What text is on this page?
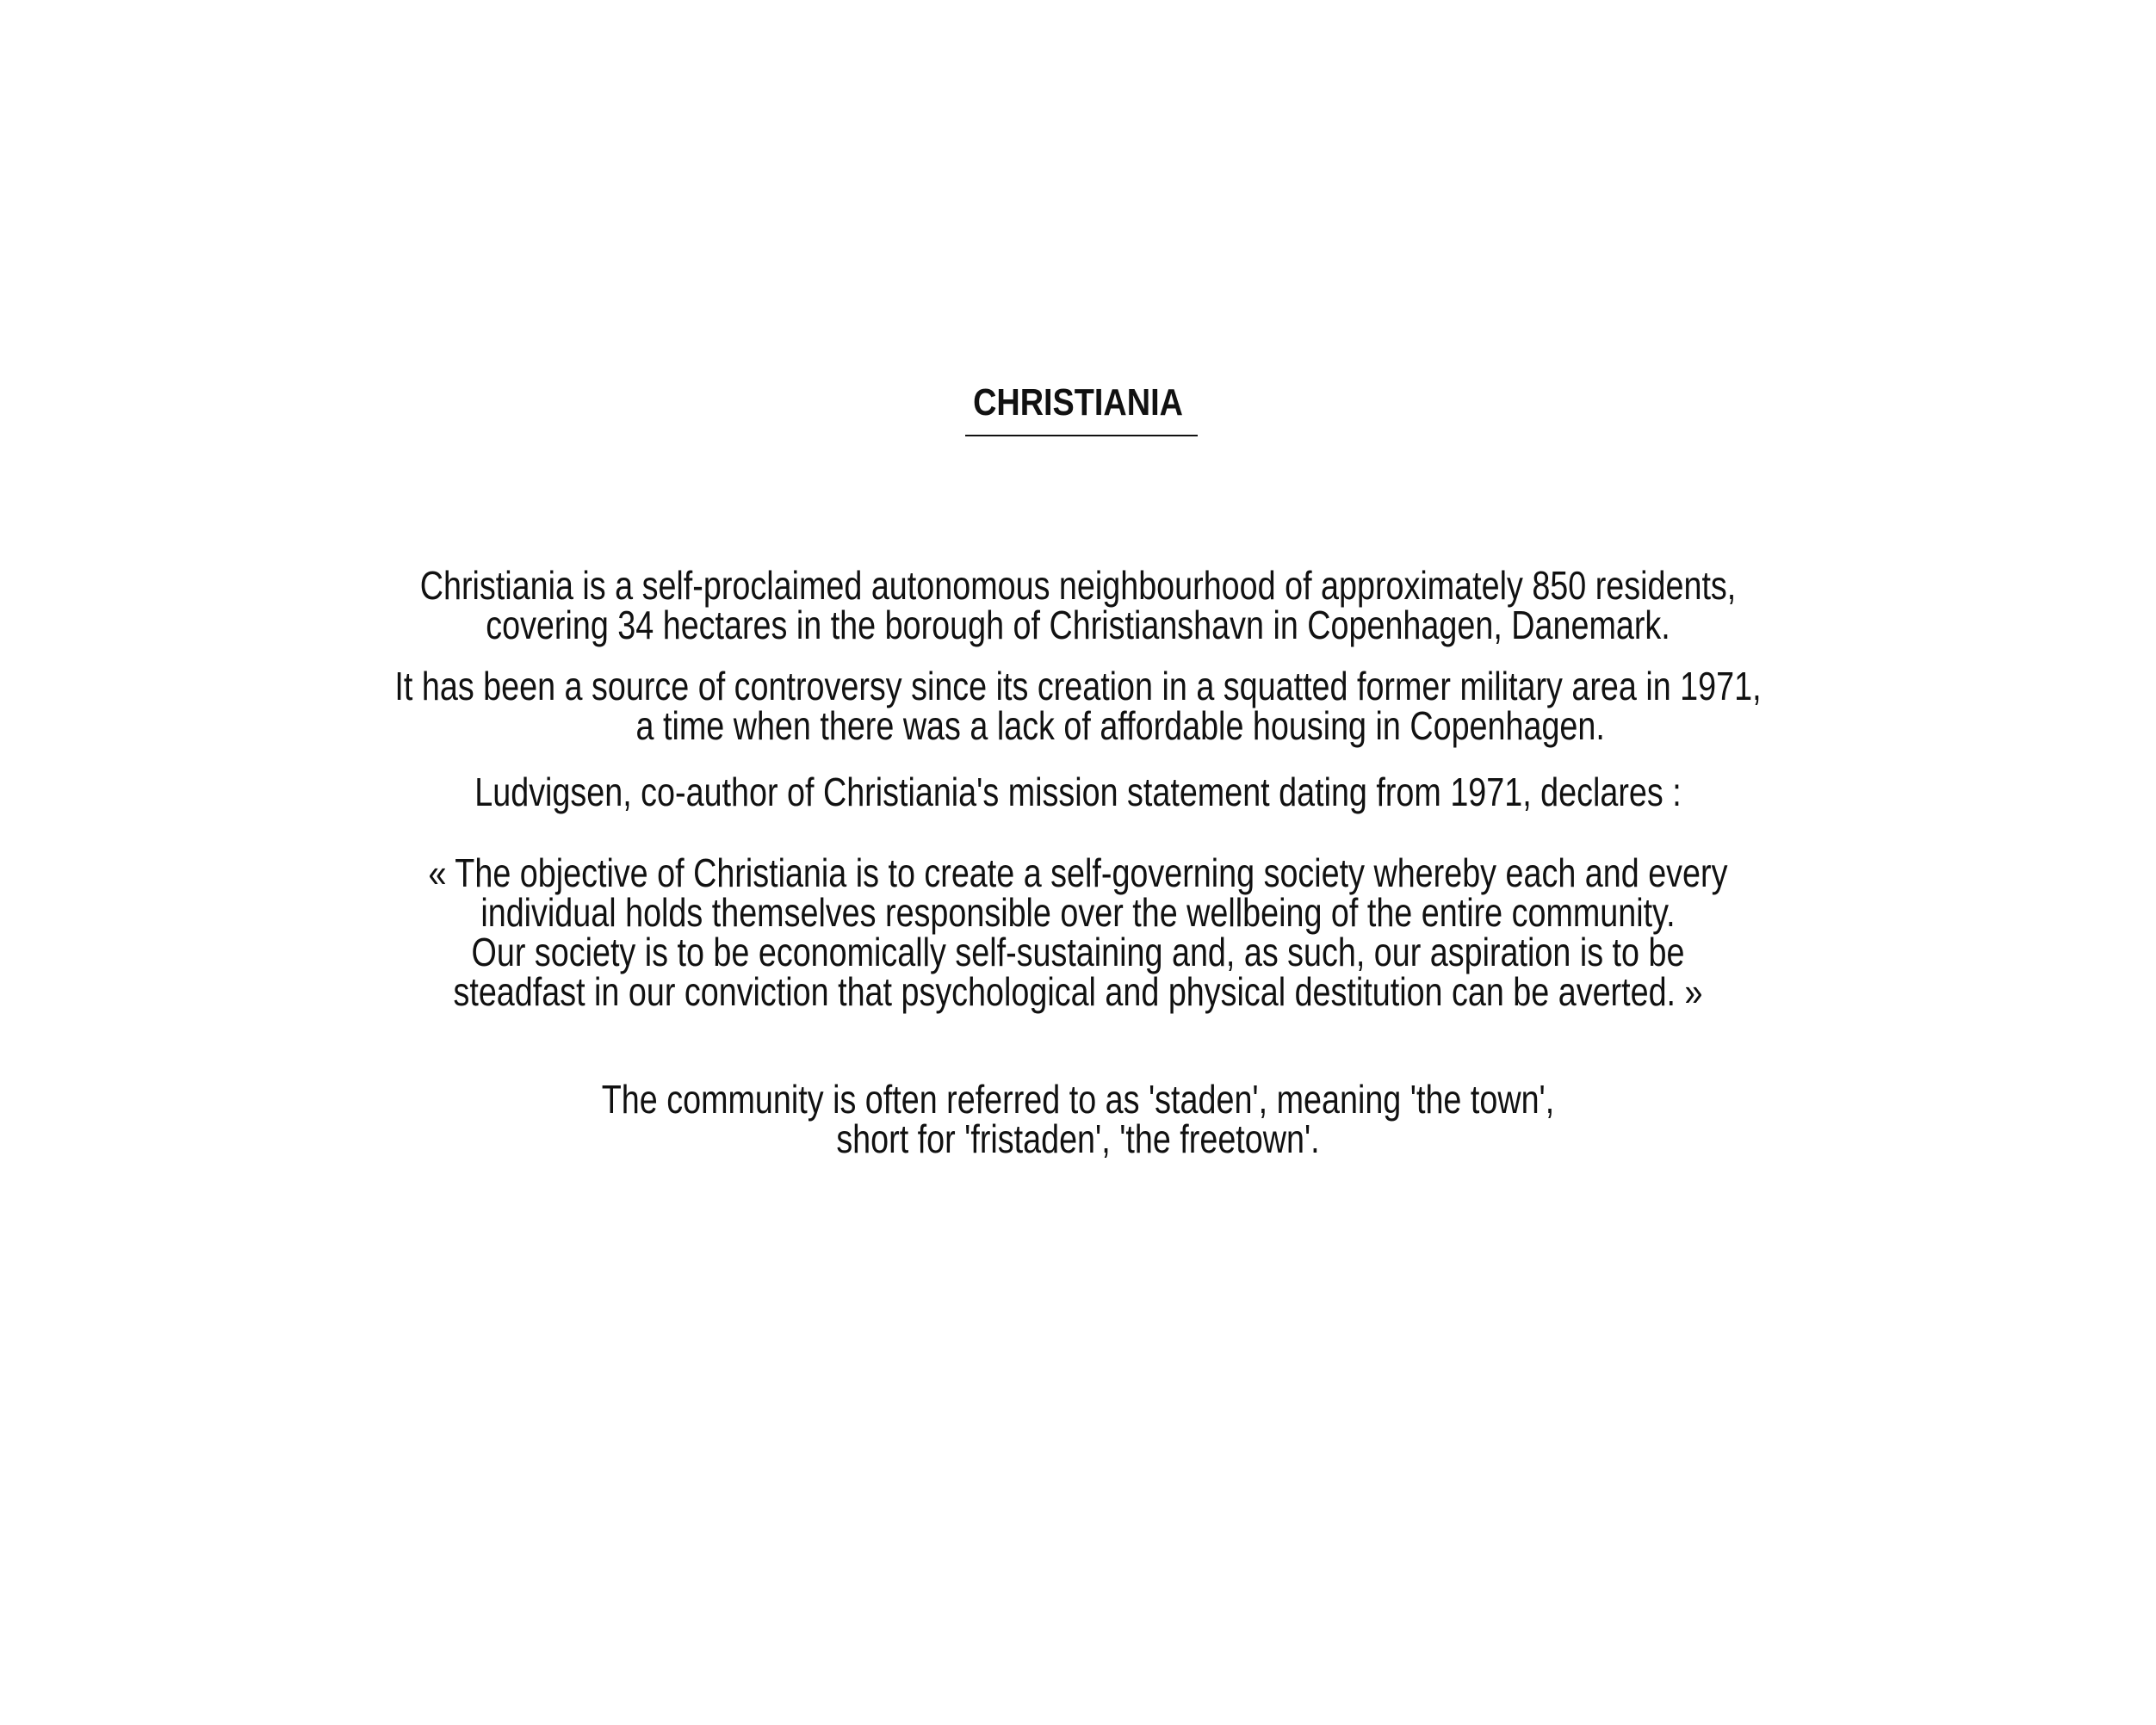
CHRISTIANIA
Christiania is a self-proclaimed autonomous neighbourhood of approximately 850 residents,
covering 34 hectares in the borough of Christianshavn in Copenhagen, Danemark.
It has been a source of controversy since its creation in a squatted former military area in 1971,
a time when there was a lack of affordable housing in Copenhagen.
Ludvigsen, co-author of Christiania's mission statement dating from 1971, declares :
« The objective of Christiania is to create a self-governing society whereby each and every
individual holds themselves responsible over the wellbeing of the entire community.
Our society is to be economically self-sustaining and, as such, our aspiration is to be
steadfast in our conviction that psychological and physical destitution can be averted. »
The community is often referred to as 'staden', meaning 'the town',
short for 'fristaden', 'the freetown'.
